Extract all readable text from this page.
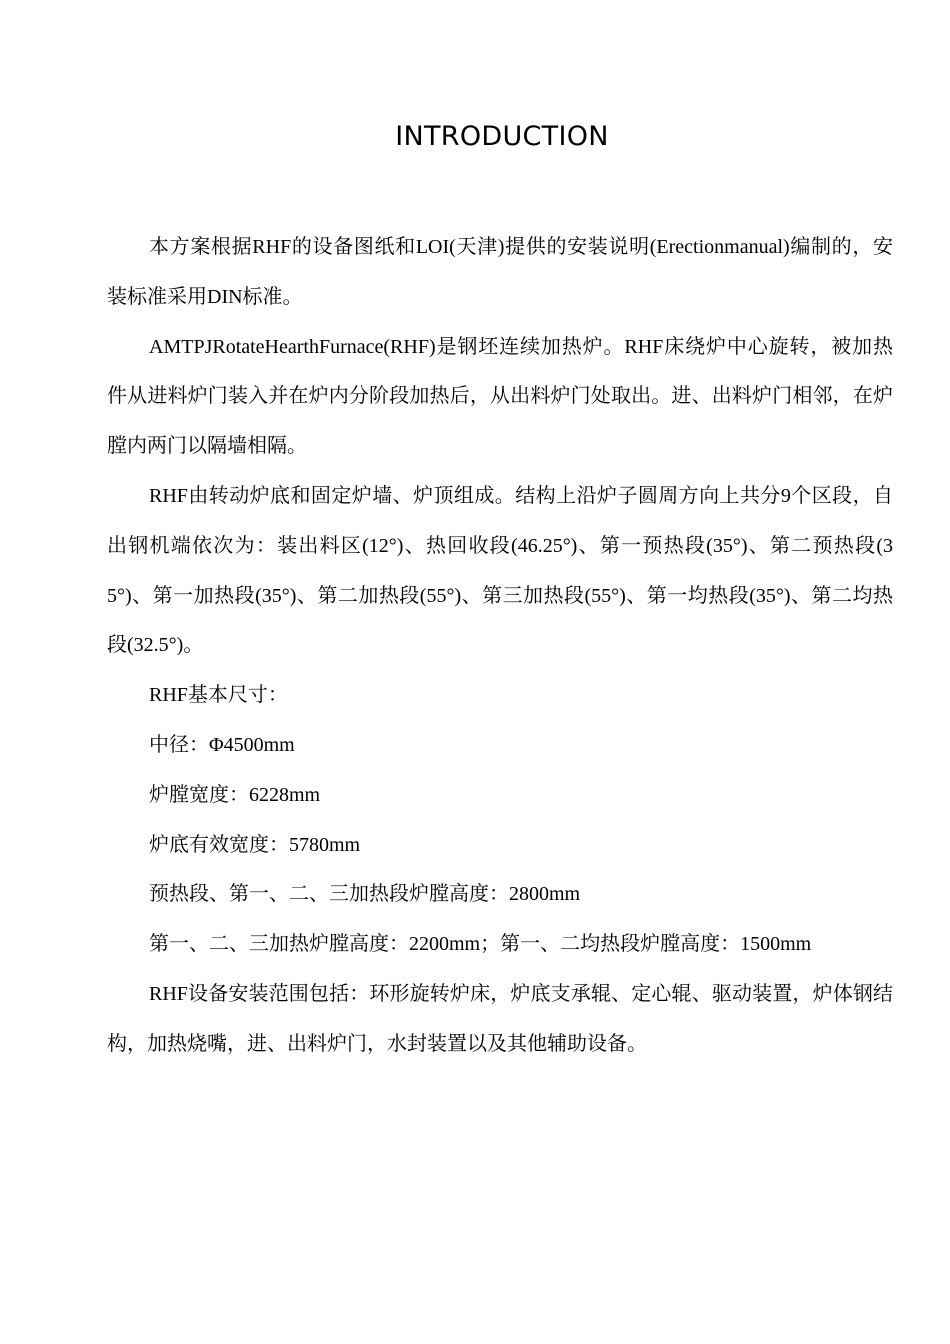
INTRODUCTION

本方案根据RHF的设备图纸和LOI(天津)提供的安装说明(Erectionmanual)编制的，安装标准采用DIN标准。

AMTPJRotateHearthFurnace(RHF)是钢坯连续加热炉。RHF床绕炉中心旋转，被加热件从进料炉门装入并在炉内分阶段加热后，从出料炉门处取出。进、出料炉门相邻，在炉膛内两门以隔墙相隔。

RHF由转动炉底和固定炉墙、炉顶组成。结构上沿炉子圆周方向上共分9个区段，自出钢机端依次为：装出料区(12°)、热回收段(46.25°)、第一预热段(35°)、第二预热段(35°)、第一加热段(35°)、第二加热段(55°)、第三加热段(55°)、第一均热段(35°)、第二均热段(32.5°)。

RHF基本尺寸：

中径：Φ4500mm

炉膛宽度：6228mm

炉底有效宽度：5780mm

预热段、第一、二、三加热段炉膛高度：2800mm

第一、二、三加热炉膛高度：2200mm；第一、二均热段炉膛高度：1500mm

RHF设备安装范围包括：环形旋转炉床，炉底支承辊、定心辊、驱动装置，炉体钢结构，加热烧嘴，进、出料炉门，水封装置以及其他辅助设备。
